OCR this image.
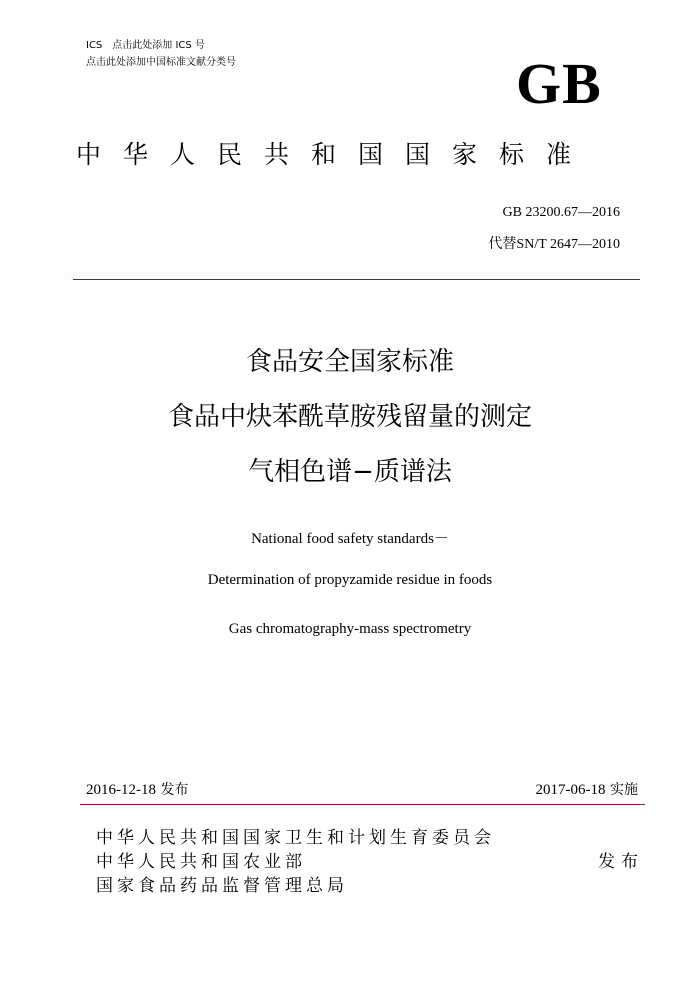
ICS　点击此处添加 ICS 号
点击此处添加中国标准文献分类号	GB
中华人民共和国国家标准
GB 23200.67—2016
代替SN/T 2647—2010
食品安全国家标准
食品中炔苯酰草胺残留量的测定
气相色谱−质谱法
National food safety standards－
Determination of propyzamide residue in foods
Gas chromatography-mass spectrometry
2016-12-18 发布	2017-06-18 实施
中华人民共和国国家卫生和计划生育委员会
中华人民共和国农业部
国家食品药品监督管理总局
发布
